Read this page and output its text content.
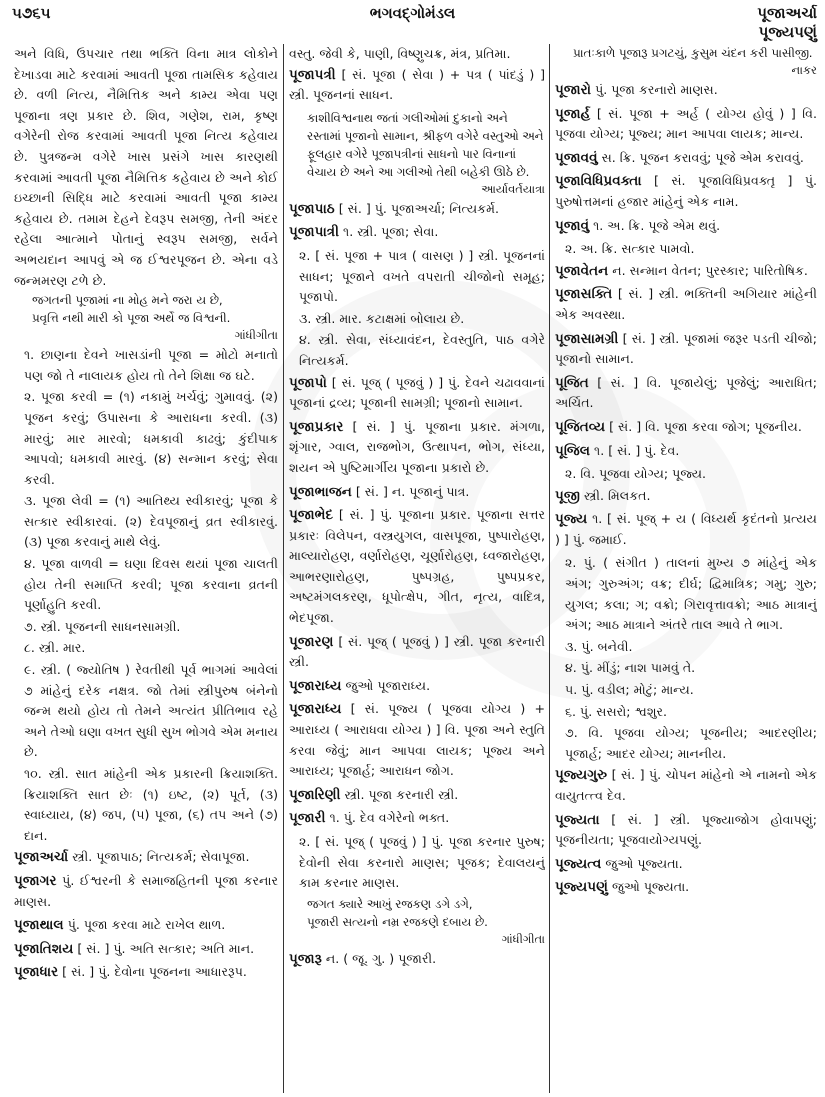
૫૭૬૫	ભગવદ્ગોમંડલ	પૂજાઅર્ચા
પૂજ્યપણું
અને વિધિ, ઉપચાર તથા ભક્તિ વિના માત્ર લોકોને દેખાડવા માટે કરવામાં આવતી પૂજા તામસિક કહેવાય છે. વળી નિત્ય, નૈમિત્તિક અને કામ્ય એવા પણ પૂજાના ત્રણ પ્રકાર છે. શિવ, ગણેશ, રામ, કૃષ્ણ વગેરેની રોજ કરવામાં આવતી પૂજા નિત્ય કહેવાય છે. પુત્રજન્મ વગેરે ખાસ પ્રસંગે ખાસ કારણથી કરવામાં આવતી પૂજા નૈમિત્તિક કહેવાય છે અને કોઈ ઇચ્છાની સિદ્ધિ માટે કરવામાં આવતી પૂજા કામ્ય કહેવાય છે. તમામ દેહને દેવરૂપ સમજી, તેની અંદર રહેલા આત્માને પોતાનું સ્વરૂપ સમજી, સર્વને અભયદાન આપવું એ જ ઈશ્વરપૂજન છે. એના વડે જન્મમરણ ટળે છે.
જગતની પૂજામાં ના મોહ મને જરા ય છે,
પ્રવૃત્તિ નથી મારી કો પૂજા અર્થે જ વિશ્વની.
ગાંધીગીતા
૧. છાણના દેવને ખાસડાંની પૂજા = મોટો મનાતો પણ જો તે નાલાયક હોય તો તેને શિક્ષા જ ઘટે.
૨. પૂજા કરવી = (૧) નકામું ખર્ચવું; ગુમાવવું. (૨) પૂજન કરવું; ઉપાસના કે આરાધના કરવી. (૩) મારવું; માર મારવો; ધમકાવી કાઢવું; કુંદીપાક આપવો; ધમકાવી મારવું. (૪) સન્માન કરવું; સેવા કરવી.
૩. પૂજા લેવી = (૧) આતિથ્ય સ્વીકારવું; પૂજા કે સત્કાર સ્વીકારવાં. (૨) દેવપૂજાનું વ્રત સ્વીકારવું. (૩) પૂજા કરવાનું માથે લેવું.
૪. પૂજા વાળવી = ઘણા દિવસ થયાં પૂજા ચાલતી હોય તેની સમાપ્તિ કરવી; પૂજા કરવાના વ્રતની પૂર્ણાહુતિ કરવી.
૭. સ્ત્રી. પૂજનની સાધનસામગ્રી.
૮. સ્ત્રી. માર.
૯. સ્ત્રી. ( જ્યોતિષ ) રેવતીથી પૂર્વ ભાગમાં આવેલાં ૭ માંહેનું દરેક નક્ષત્ર. જો તેમાં સ્ત્રીપુરુષ બંનેનો જન્મ થયો હોય તો તેમને અત્યંત પ્રીતિભાવ રહે અને તેઓ ઘણા વખત સુધી સુખ ભોગવે એમ મનાય છે.
૧૦. સ્ત્રી. સાત માંહેની એક પ્રકારની ક્રિયાશક્તિ. ક્રિયાશક્તિ સાત છેઃ (૧) ઇષ્ટ, (૨) પૂર્ત, (૩) સ્વાધ્યાય, (૪) જપ, (૫) પૂજા, (૬) તપ અને (૭) દાન.
પૂજાઅર્ચા સ્ત્રી. પૂજાપાઠ; નિત્યકર્મ; સેવાપૂજા.
પૂજાગર પું. ઈશ્વરની કે સમાજહિતની પૂજા કરનાર માણસ.
પૂજાથાલ પું. પૂજા કરવા માટે રાખેલ થાળ.
પૂજાતિશય [ સં. ] પું. અતિ સત્કાર; અતિ માન.
પૂજાધાર [ સં. ] પું. દેવોના પૂજનના આધારરૂપ.
વસ્તુ. જેવી કે, પાણી, વિષ્ણુચક્ર, મંત્ર, પ્રતિમા.
પૂજાપત્રી [ સં. પૂજા ( સેવા ) + પત્ર ( પાંદડું ) ] સ્ત્રી. પૂજનનાં સાધન.
કાશીવિશ્વનાથ જતાં ગલીઓમાં દુકાનો અને રસ્તામાં પૂજાનો સામાન, શ્રીફળ વગેરે વસ્તુઓ અને ફૂલહાર વગેરે પૂજાપત્રીનાં સાધનો પાર વિનાનાં વેચાય છે અને આ ગલીઓ તેથી બહેકી ઊઠે છે.
આર્યાવર્તયાત્રા
પૂજાપાઠ [ સં. ] પું. પૂજાઅર્ચા; નિત્યકર્મ.
પૂજાપાત્રી ૧. સ્ત્રી. પૂજા; સેવા.
૨. [ સં. પૂજા + પાત્ર ( વાસણ ) ] સ્ત્રી. પૂજનનાં સાધન; પૂજાને વખતે વપરાતી ચીજોનો સમૂહ; પૂજાપો.
૩. સ્ત્રી. માર. કટાક્ષમાં બોલાય છે.
૪. સ્ત્રી. સેવા, સંધ્યાવંદન, દેવસ્તુતિ, પાઠ વગેરે નિત્યકર્મ.
પૂજાપો [ સં. પૂજ્ ( પૂજવું ) ] પું. દેવને ચઢાવવાનાં પૂજાનાં દ્રવ્ય; પૂજાની સામગ્રી; પૂજાનો સામાન.
પૂજાપ્રકાર [ સં. ] પું. પૂજાના પ્રકાર. મંગળા, શૃંગાર, ગ્વાલ, રાજભોગ, ઉત્થાપન, ભોગ, સંધ્યા, શયન એ પુષ્ટિમાર્ગીય પૂજાના પ્રકારો છે.
પૂજાભાજન [ સં. ] ન. પૂજાનું પાત્ર.
પૂજાભેદ [ સં. ] પું. પૂજાના પ્રકાર. પૂજાના સત્તર પ્રકારઃ વિલેપન, વસ્ત્રયુગલ, વાસપૂજા, પુષ્પારોહણ, માલ્યારોહણ, વર્ણારોહણ, ચૂર્ણારોહણ, ધ્વજારોહણ, આભરણારોહણ, પુષ્પગ્રહ, પુષ્પપ્રકર, અષ્ટમંગલકરણ, ધૂપોત્ક્ષેપ, ગીત, નૃત્ય, વાદિત્ર, ભેદપૂજા.
પૂજારણ [ સં. પૂજ્ ( પૂજવું ) ] સ્ત્રી. પૂજા કરનારી સ્ત્રી.
પૂજારાધ્ય જુઓ પૂજારાધ્ય.
પૂજારાધ્ય [ સં. પૂજ્ય ( પૂજવા યોગ્ય ) + આરાધ્ય ( આરાધવા યોગ્ય ) ] વિ. પૂજા અને સ્તુતિ કરવા જેવું; માન આપવા લાયક; પૂજ્ય અને આરાધ્ય; પૂજાર્હ; આરાધન જોગ.
પૂજારિણી સ્ત્રી. પૂજા કરનારી સ્ત્રી.
પૂજારી ૧. પું. દેવ વગેરેનો ભક્ત.
૨. [ સં. પૂજ્ ( પૂજવું ) ] પું. પૂજા કરનાર પુરુષ; દેવોની સેવા કરનારો માણસ; પૂજક; દેવાલયનું કામ કરનાર માણસ.
જગત ક્યારે આખું રજકણ ડગે ડગે,
પૂજારી સત્યનો નમ્ર રજકણે દબાય છે.
ગાંધીગીતા
પૂજારૂ ન. ( જૂ. ગુ. ) પૂજારી.
પ્રાતઃકાળે પૂજારૂ પ્રગટચું, કુસુમ ચંદન કરી પાસીજી.
નાકર
પૂજારો પું. પૂજા કરનારો માણસ.
પૂજાર્હ [ સં. પૂજા + અર્હ ( યોગ્ય હોવું ) ] વિ. પૂજવા યોગ્ય; પૂજ્ય; માન આપવા લાયક; માન્ય.
પૂજાવવું સ. ક્રિ. પૂજન કરાવવું; પૂજે એમ કરાવવું.
પૂજાવિધિપ્રવક્તા [ સં. પૂજાવિધિપ્રવક્તૃ ] પું. પુરુષોત્તમનાં હજાર માંહેનું એક નામ.
પૂજાવું ૧. અ. ક્રિ. પૂજે એમ થવું.
૨. અ. ક્રિ. સત્કાર પામવો.
પૂજાવેતન ન. સન્માન વેતન; પુરસ્કાર; પારિતોષિક.
પૂજાસક્તિ [ સં. ] સ્ત્રી. ભક્તિની અગિયાર માંહેની એક અવસ્થા.
પૂજાસામગ્રી [ સં. ] સ્ત્રી. પૂજામાં જરૂર પડતી ચીજો; પૂજાનો સામાન.
પૂજિત [ સં. ] વિ. પૂજાયેલું; પૂજેલું; આરાધિત; અર્ચિત.
પૂજિતવ્ય [ સં. ] વિ. પૂજા કરવા જોગ; પૂજનીય.
પૂજિલ ૧. [ સં. ] પું. દેવ.
૨. વિ. પૂજવા યોગ્ય; પૂજ્ય.
પૂજી સ્ત્રી. મિલકત.
પૂજ્ય ૧. [ સં. પૂજ્ + ય ( વિધ્યર્થ કૃદંતનો પ્રત્યય ) ] પું. જમાઈ.
૨. પું. ( સંગીત ) તાલનાં મુખ્ય ૭ માંહેનું એક અંગ; ગુરુઅંગ; વક્ર; દીર્ઘ; દ્વિમાત્રિક; ગમુ; ગુરુ; યુગલ; કલા; ગ; વક્રો; ગિરાવૃત્તાવક્રો; આઠ માત્રાનું અંગ; આઠ માત્રાને અંતરે તાલ આવે તે ભાગ.
૩. પું. બનેવી.
૪. પું. મીંડું; નાશ પામવું તે.
૫. પું. વડીલ; મોટું; માન્ય.
૬. પું. સસરો; શ્વશુર.
૭. વિ. પૂજવા યોગ્ય; પૂજનીય; આદરણીય; પૂજાર્હ; આદર યોગ્ય; માનનીય.
પૂજ્યગુરુ [ સં. ] પું. ચોપન માંહેનો એ નામનો એક વાયુતત્ત્વ દેવ.
પૂજ્યતા [ સં. ] સ્ત્રી. પૂજ્યાજોગ હોવાપણું; પૂજનીયતા; પૂજવાયોગ્યપણું.
પૂજ્યત્વ જુઓ પૂજ્યતા.
પૂજ્યપણું જુઓ પૂજ્યતા.
